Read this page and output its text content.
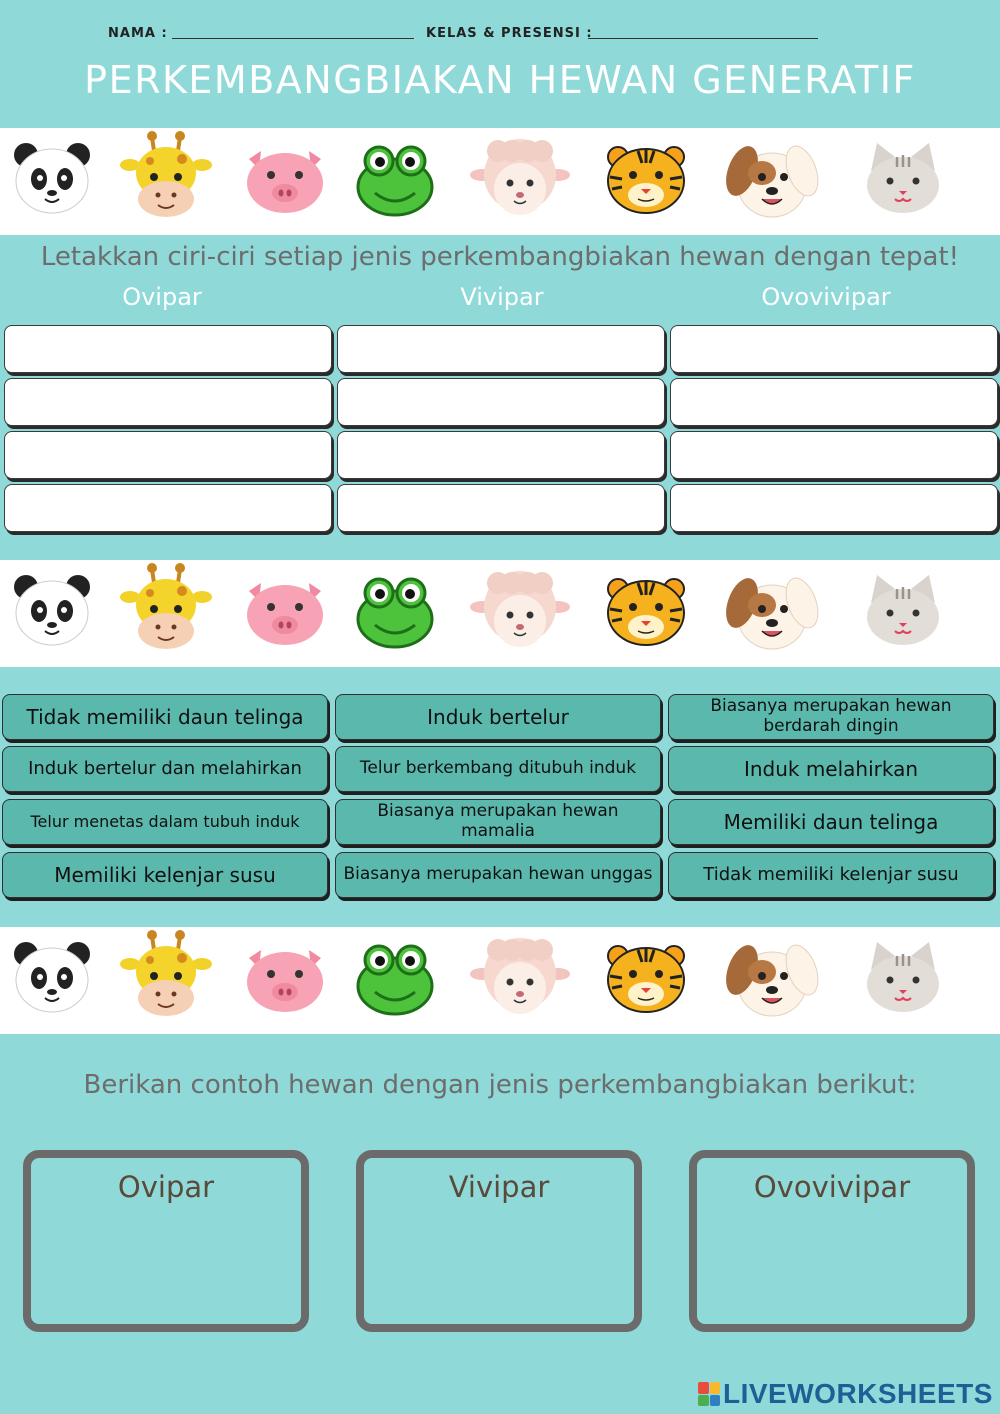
NAMA :	KELAS & PRESENSI :
PERKEMBANGBIAKAN HEWAN GENERATIF
Letakkan ciri-ciri setiap jenis perkembangbiakan hewan dengan tepat!
Ovipar	Vivipar	Ovovivipar
Tidak memiliki daun telinga	Induk bertelur	Biasanya merupakan hewan berdarah dingin
Induk bertelur dan melahirkan	Telur berkembang ditubuh induk	Induk melahirkan
Telur menetas dalam tubuh induk	Biasanya merupakan hewan mamalia	Memiliki daun telinga
Memiliki kelenjar susu	Biasanya merupakan hewan unggas	Tidak memiliki kelenjar susu
Berikan contoh hewan dengan jenis perkembangbiakan berikut:
Ovipar	Vivipar	Ovovivipar
LIVEWORKSHEETS
